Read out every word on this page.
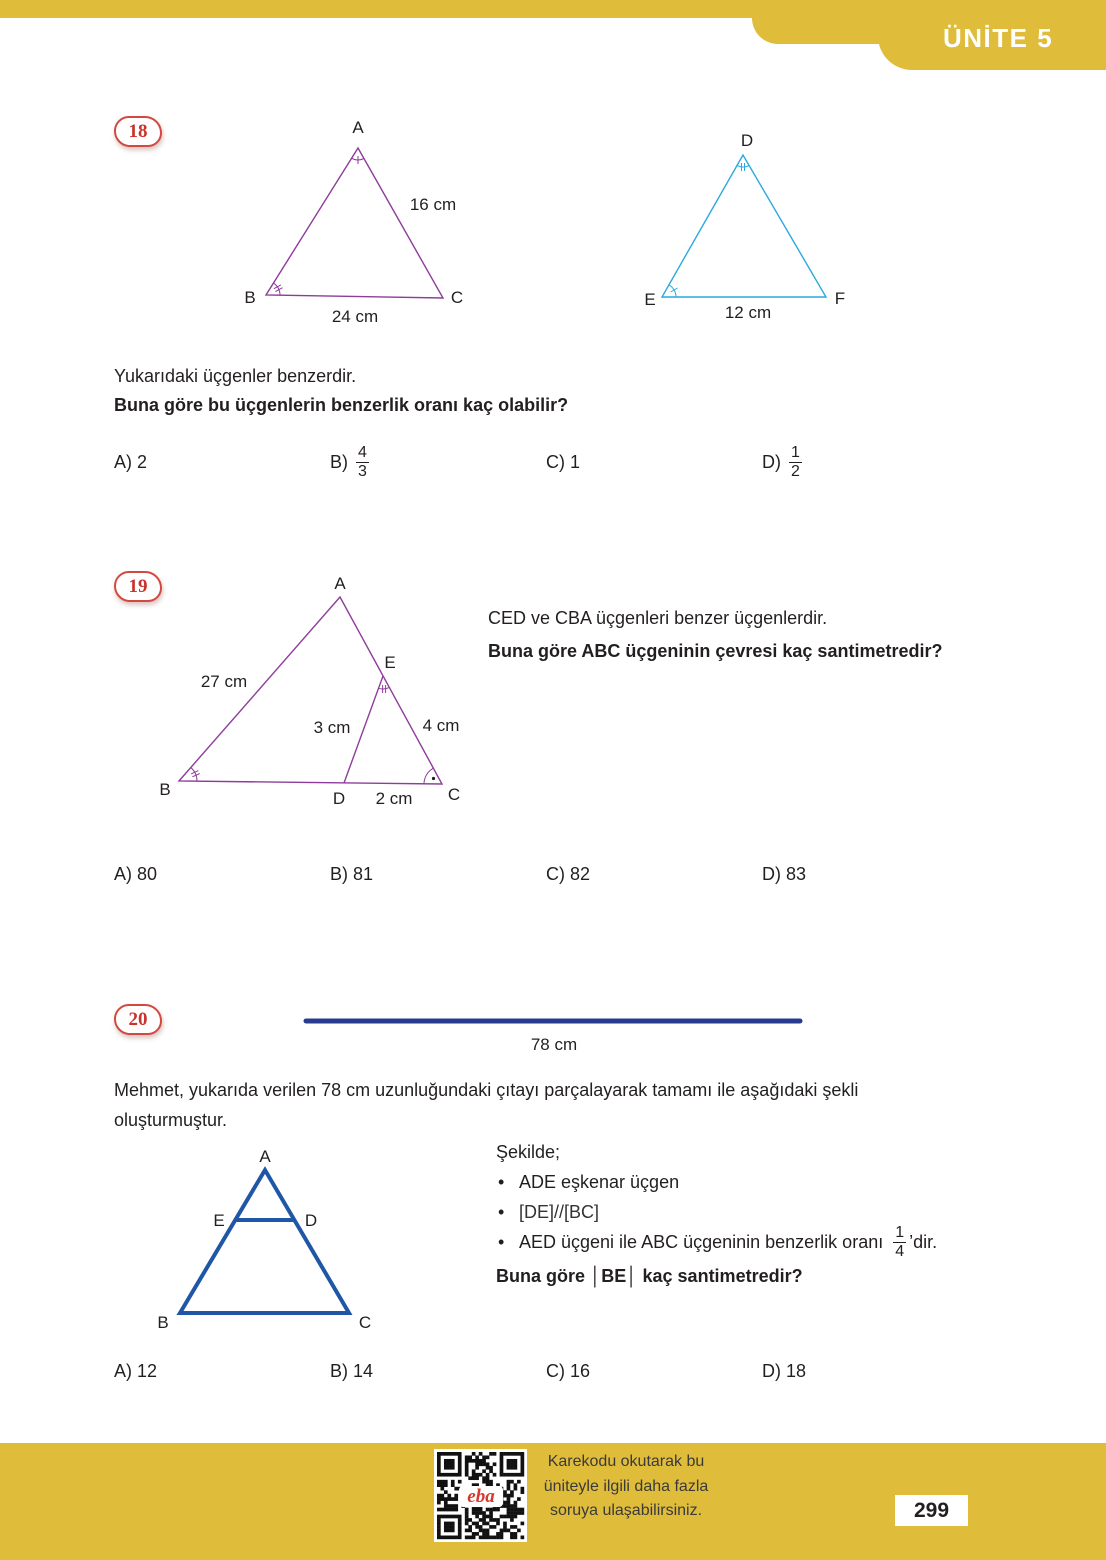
ÜNİTE 5
18	A
B	C
16 cm
24 cm
D
E	F
12 cm
Yukarıdaki üçgenler benzerdir.
Buna göre bu üçgenlerin benzerlik oranı kaç olabilir?
A) 2	$B) \frac{4}{3}$	C) 1	$D) \frac{1}{2}$
19	A
E
B	D	C
27 cm
3 cm	4 cm
2 cm
CED ve CBA üçgenleri benzer üçgenlerdir.
Buna göre ABC üçgeninin çevresi kaç santimetredir?
A) 80	B) 81	C) 82	D) 83
20
78 cm
Mehmet, yukarıda verilen 78 cm uzunluğundaki çıtayı parçalayarak tamamı ile aşağıdaki şekli
oluşturmuştur.
A
E	D
B	C
Şekilde;
• ADE eşkenar üçgen
• [DE]//[BC]
• AED üçgeni ile ABC üçgeninin benzerlik oranı $\frac{1}{4}$ ’dir.
Buna göre │BE│ kaç santimetredir?
A) 12	B) 14	C) 16	D) 18
eba
Karekodu okutarak bu
üniteyle ilgili daha fazla
soruya ulaşabilirsiniz.	299
